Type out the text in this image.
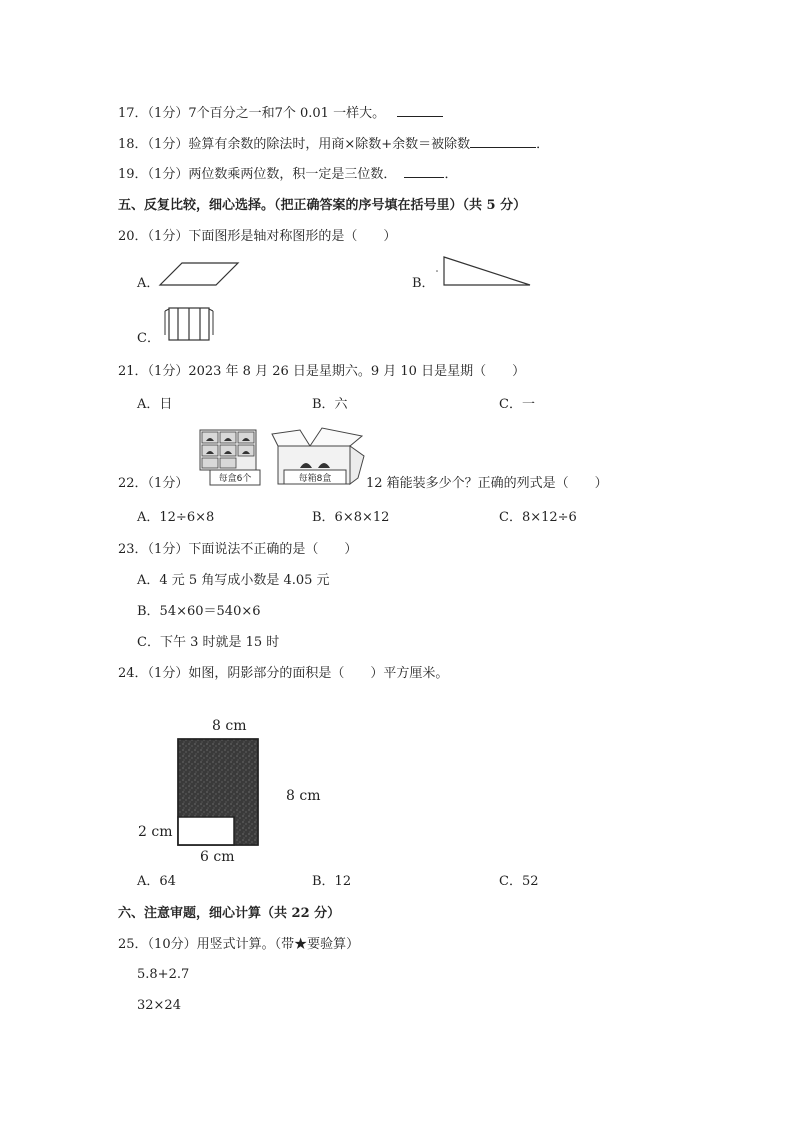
17．（1分）7个百分之一和7个 0.01 一样大。
18．（1分）验算有余数的除法时，用商×除数+余数＝被除数	．
19．（1分）两位数乘两位数，积一定是三位数．	．
五、反复比较，细心选择。（把正确答案的序号填在括号里）（共 5 分）
20．（1分）下面图形是轴对称图形的是（　　）
A．	B．
C．
21．（1分）2023 年 8 月 26 日是星期六。9 月 10 日是星期（　　）
A．日	B．六	C．一
22．（1分）	每盒6个	每箱8盒	12 箱能装多少个？正确的列式是（　　）
A．12÷6×8	B．6×8×12	C．8×12÷6
23．（1分）下面说法不正确的是（　　）
A．4 元 5 角写成小数是 4.05 元
B．54×60＝540×6
C．下午 3 时就是 15 时
24．（1分）如图，阴影部分的面积是（　　）平方厘米。
8 cm
8 cm
2 cm
6 cm
A．64	B．12	C．52
六、注意审题，细心计算（共 22 分）
25．（10分）用竖式计算。（带★要验算）
5.8+2.7
32×24
